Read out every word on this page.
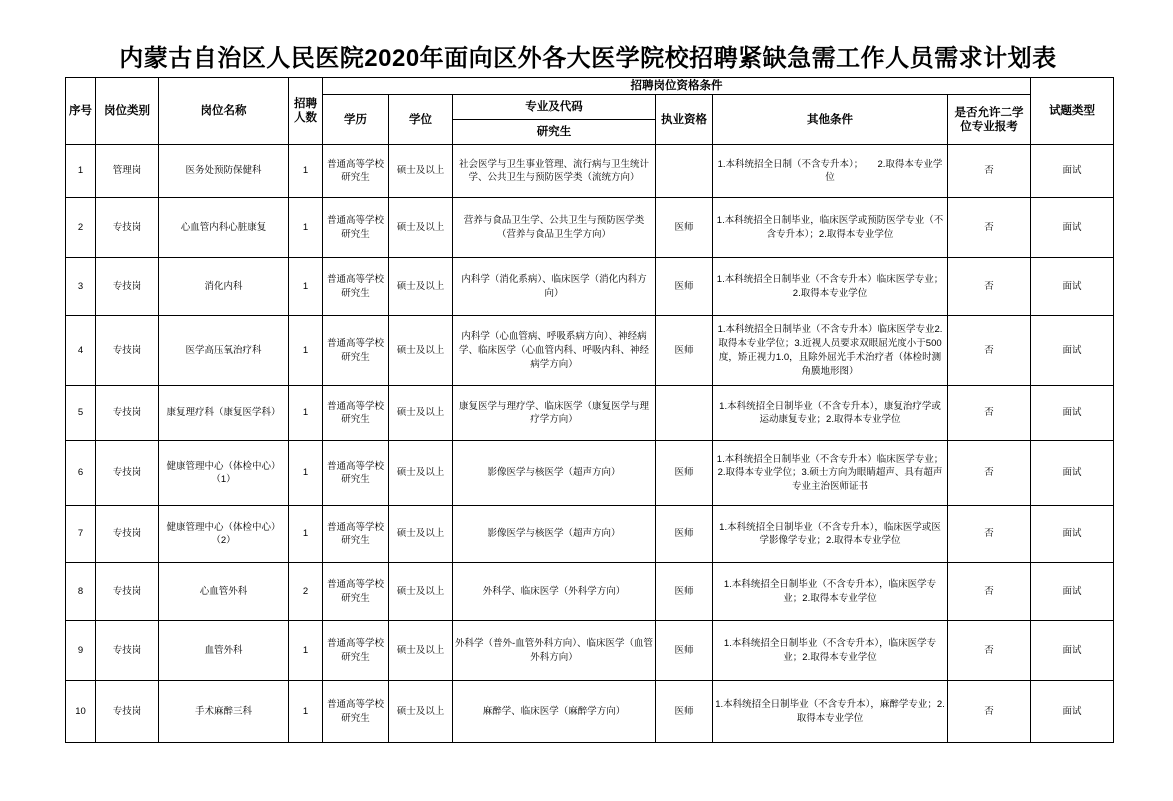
内蒙古自治区人民医院2020年面向区外各大医学院校招聘紧缺急需工作人员需求计划表
序号	岗位类别	岗位名称	招聘人数	招聘岗位资格条件						试题类型
				学历	学位	专业及代码	执业资格	其他条件	是否允许二学位专业报考	
						研究生				
1	管理岗	医务处预防保健科	1	普通高等学校研究生	硕士及以上	社会医学与卫生事业管理、流行病与卫生统计学、公共卫生与预防医学类（流统方向）		1.本科统招全日制（不含专升本）；　　2.取得本专业学位	否	面试
2	专技岗	心血管内科心脏康复	1	普通高等学校研究生	硕士及以上	营养与食品卫生学、公共卫生与预防医学类（营养与食品卫生学方向）	医师	1.本科统招全日制毕业，临床医学或预防医学专业（不含专升本）；2.取得本专业学位	否	面试
3	专技岗	消化内科	1	普通高等学校研究生	硕士及以上	内科学（消化系病）、临床医学（消化内科方向）	医师	1.本科统招全日制毕业（不含专升本）临床医学专业；2.取得本专业学位	否	面试
4	专技岗	医学高压氧治疗科	1	普通高等学校研究生	硕士及以上	内科学（心血管病、呼吸系病方向）、神经病学、临床医学（心血管内科、呼吸内科、神经病学方向）	医师	1.本科统招全日制毕业（不含专升本）临床医学专业2.取得本专业学位；3.近视人员要求双眼屈光度小于500度，矫正视力1.0，且除外屈光手术治疗者（体检时测角膜地形图）	否	面试
5	专技岗	康复理疗科（康复医学科）	1	普通高等学校研究生	硕士及以上	康复医学与理疗学、临床医学（康复医学与理疗学方向）		1.本科统招全日制毕业（不含专升本），康复治疗学或运动康复专业；2.取得本专业学位	否	面试
6	专技岗	健康管理中心（体检中心）（1）	1	普通高等学校研究生	硕士及以上	影像医学与核医学（超声方向）	医师	1.本科统招全日制毕业（不含专升本）临床医学专业；2.取得本专业学位；3.硕士方向为眼睛超声、具有超声专业主治医师证书	否	面试
7	专技岗	健康管理中心（体检中心）（2）	1	普通高等学校研究生	硕士及以上	影像医学与核医学（超声方向）	医师	1.本科统招全日制毕业（不含专升本），临床医学或医学影像学专业；2.取得本专业学位	否	面试
8	专技岗	心血管外科	2	普通高等学校研究生	硕士及以上	外科学、临床医学（外科学方向）	医师	1.本科统招全日制毕业（不含专升本），临床医学专业；2.取得本专业学位	否	面试
9	专技岗	血管外科	1	普通高等学校研究生	硕士及以上	外科学（普外-血管外科方向）、临床医学（血管外科方向）	医师	1.本科统招全日制毕业（不含专升本），临床医学专业；2.取得本专业学位	否	面试
10	专技岗	手术麻醉三科	1	普通高等学校研究生	硕士及以上	麻醉学、临床医学（麻醉学方向）	医师	1.本科统招全日制毕业（不含专升本），麻醉学专业；2.取得本专业学位	否	面试
